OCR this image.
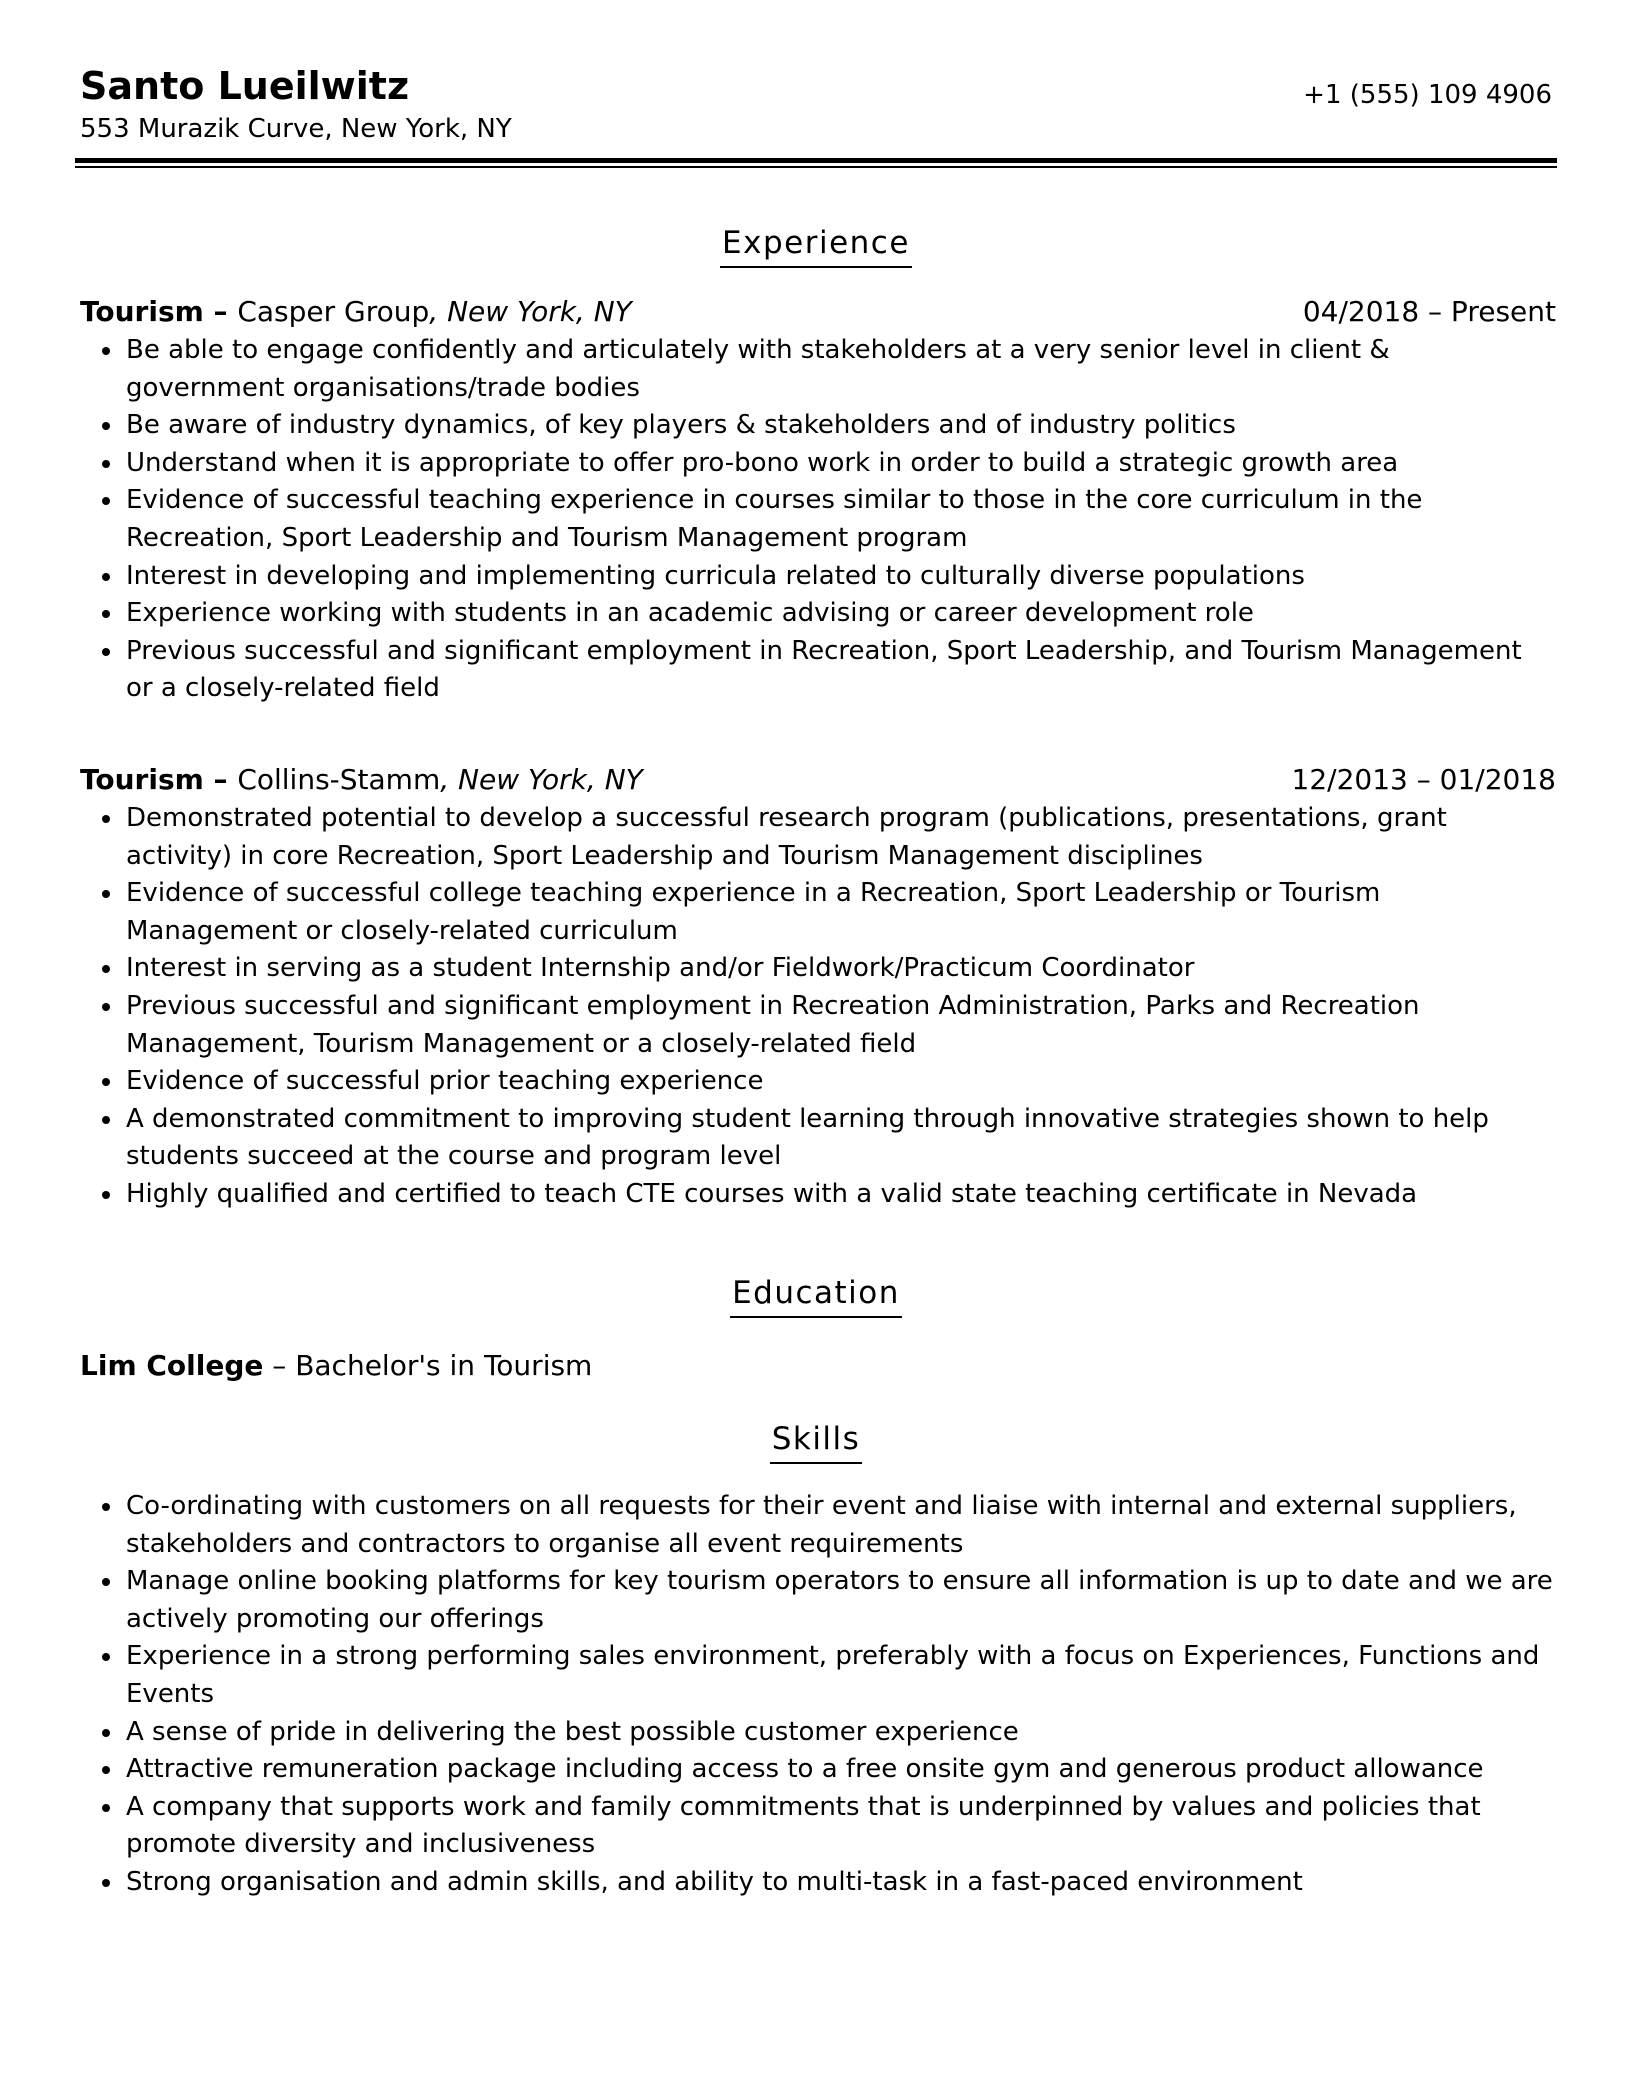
Santo Lueilwitz
553 Murazik Curve, New York, NY
+1 (555) 109 4906
Experience
Tourism – Casper Group, New York, NY	04/2018 – Present
Be able to engage confidently and articulately with stakeholders at a very senior level in client & government organisations/trade bodies
Be aware of industry dynamics, of key players & stakeholders and of industry politics
Understand when it is appropriate to offer pro-bono work in order to build a strategic growth area
Evidence of successful teaching experience in courses similar to those in the core curriculum in the Recreation, Sport Leadership and Tourism Management program
Interest in developing and implementing curricula related to culturally diverse populations
Experience working with students in an academic advising or career development role
Previous successful and significant employment in Recreation, Sport Leadership, and Tourism Management or a closely-related field
Tourism – Collins-Stamm, New York, NY	12/2013 – 01/2018
Demonstrated potential to develop a successful research program (publications, presentations, grant activity) in core Recreation, Sport Leadership and Tourism Management disciplines
Evidence of successful college teaching experience in a Recreation, Sport Leadership or Tourism Management or closely-related curriculum
Interest in serving as a student Internship and/or Fieldwork/Practicum Coordinator
Previous successful and significant employment in Recreation Administration, Parks and Recreation Management, Tourism Management or a closely-related field
Evidence of successful prior teaching experience
A demonstrated commitment to improving student learning through innovative strategies shown to help students succeed at the course and program level
Highly qualified and certified to teach CTE courses with a valid state teaching certificate in Nevada
Education
Lim College – Bachelor's in Tourism
Skills
Co-ordinating with customers on all requests for their event and liaise with internal and external suppliers, stakeholders and contractors to organise all event requirements
Manage online booking platforms for key tourism operators to ensure all information is up to date and we are actively promoting our offerings
Experience in a strong performing sales environment, preferably with a focus on Experiences, Functions and Events
A sense of pride in delivering the best possible customer experience
Attractive remuneration package including access to a free onsite gym and generous product allowance
A company that supports work and family commitments that is underpinned by values and policies that promote diversity and inclusiveness
Strong organisation and admin skills, and ability to multi-task in a fast-paced environment
